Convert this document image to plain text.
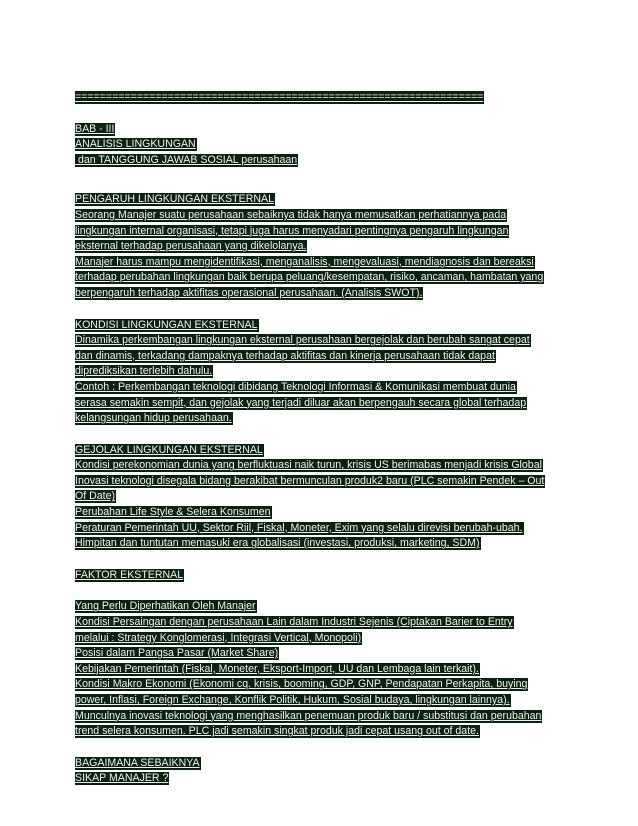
==================================================================
BAB - III
ANALISIS LINGKUNGAN
dan TANGGUNG JAWAB SOSIAL perusahaan
PENGARUH LINGKUNGAN EKSTERNAL
Seorang Manajer suatu perusahaan sebaiknya tidak hanya memusatkan perhatiannya pada
lingkungan internal organisasi, tetapi juga harus menyadari pentingnya pengaruh lingkungan
eksternal terhadap perusahaan yang dikelolanya.
Manajer harus mampu mengidentifikasi, menganalisis, mengevaluasi, mendiagnosis dan bereaksi
terhadap perubahan lingkungan baik berupa peluang/kesempatan, risiko, ancaman, hambatan yang
berpengaruh terhadap aktifitas operasional perusahaan. (Analisis SWOT).
KONDISI LINGKUNGAN EKSTERNAL
Dinamika perkembangan lingkungan eksternal perusahaan bergejolak dan berubah sangat cepat
dan dinamis, terkadang dampaknya terhadap aktifitas dan kinerja perusahaan tidak dapat
diprediksikan terlebih dahulu.
Contoh : Perkembangan teknologi dibidang Teknologi Informasi & Komunikasi membuat dunia
serasa semakin sempit, dan gejolak yang terjadi diluar akan berpengauh secara global terhadap
kelangsungan hidup perusahaan.
GEJOLAK LINGKUNGAN EKSTERNAL
Kondisi perekonomian dunia yang berfluktuasi naik turun, krisis US berimabas menjadi krisis Global
Inovasi teknologi disegala bidang berakibat bermunculan produk2 baru (PLC semakin Pendek – Out
Of Date)
Perubahan Life Style & Selera Konsumen
Peraturan Pemerintah UU, Sektor Riil, Fiskal, Moneter, Exim yang selalu direvisi berubah-ubah.
Himpitan dan tuntutan memasuki era globalisasi (investasi, produksi, marketing, SDM)
FAKTOR EKSTERNAL
Yang Perlu Diperhatikan Oleh Manajer
Kondisi Persaingan dengan perusahaan Lain dalam Industri Sejenis (Ciptakan Barier to Entry
melalui : Strategy Konglomerasi, Integrasi Vertical, Monopoli)
Posisi dalam Pangsa Pasar (Market Share)
Kebijakan Pemerintah (Fiskal, Moneter, Eksport-Import, UU dan Lembaga lain terkait).
Kondisi Makro Ekonomi (Ekonomi cq. krisis, booming, GDP, GNP, Pendapatan Perkapita, buying
power, Inflasi, Foreign Exchange, Konflik Politik, Hukum, Sosial budaya, lingkungan lainnya).
Munculnya inovasi teknologi yang menghasilkan penemuan produk baru / substitusi dan perubahan
trend selera konsumen. PLC jadi semakin singkat produk jadi cepat usang out of date.
BAGAIMANA SEBAIKNYA
SIKAP MANAJER ?
